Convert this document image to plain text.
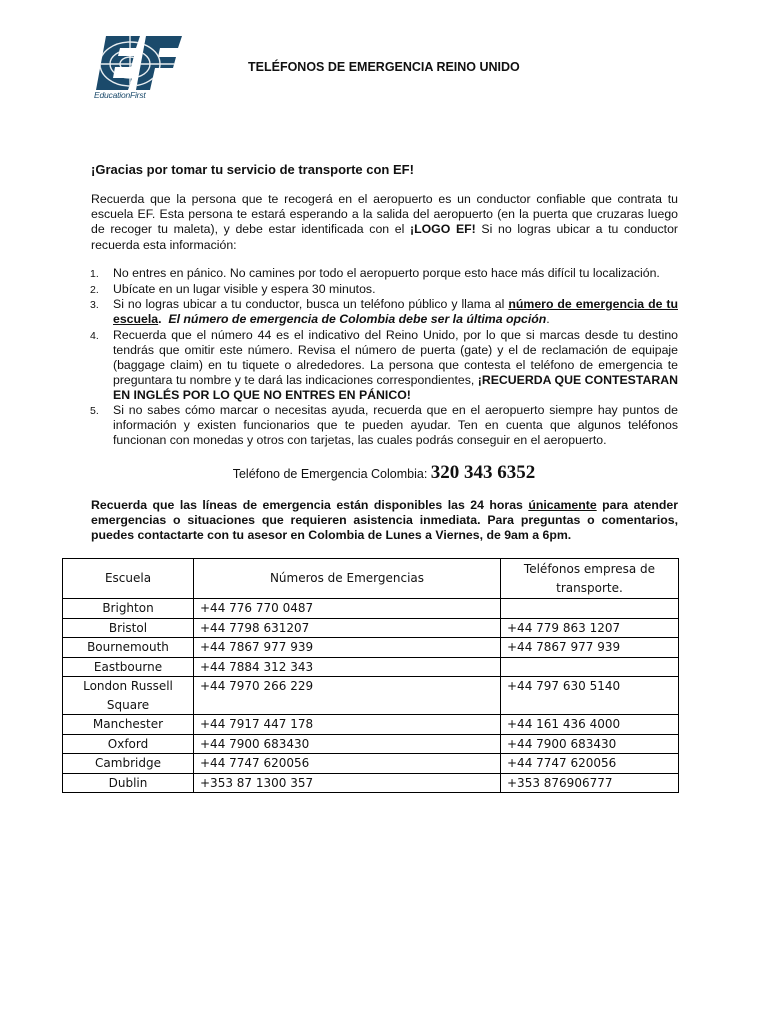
EducationFirst
TELÉFONOS DE EMERGENCIA REINO UNIDO
¡Gracias por tomar tu servicio de transporte con EF!
Recuerda que la persona que te recogerá en el aeropuerto es un conductor confiable que contrata tu escuela EF. Esta persona te estará esperando a la salida del aeropuerto (en la puerta que cruzaras luego de recoger tu maleta), y debe estar identificada con el ¡LOGO EF! Si no logras ubicar a tu conductor recuerda esta información:
1. No entres en pánico. No camines por todo el aeropuerto porque esto hace más difícil tu localización.
2. Ubícate en un lugar visible y espera 30 minutos.
3. Si no logras ubicar a tu conductor, busca un teléfono público y llama al número de emergencia de tu escuela. El número de emergencia de Colombia debe ser la última opción.
4. Recuerda que el número 44 es el indicativo del Reino Unido, por lo que si marcas desde tu destino tendrás que omitir este número. Revisa el número de puerta (gate) y el de reclamación de equipaje (baggage claim) en tu tiquete o alrededores. La persona que contesta el teléfono de emergencia te preguntara tu nombre y te dará las indicaciones correspondientes, ¡RECUERDA QUE CONTESTARAN EN INGLÉS POR LO QUE NO ENTRES EN PÁNICO!
5. Si no sabes cómo marcar o necesitas ayuda, recuerda que en el aeropuerto siempre hay puntos de información y existen funcionarios que te pueden ayudar. Ten en cuenta que algunos teléfonos funcionan con monedas y otros con tarjetas, las cuales podrás conseguir en el aeropuerto.
Teléfono de Emergencia Colombia: 320 343 6352
Recuerda que las líneas de emergencia están disponibles las 24 horas únicamente para atender emergencias o situaciones que requieren asistencia inmediata. Para preguntas o comentarios, puedes contactarte con tu asesor en Colombia de Lunes a Viernes, de 9am a 6pm.
Escuela	Números de Emergencias	Teléfonos empresa de transporte.
Brighton	+44 776 770 0487	
Bristol	+44 7798 631207	+44 779 863 1207
Bournemouth	+44 7867 977 939	+44 7867 977 939
Eastbourne	+44 7884 312 343	
London Russell Square	+44 7970 266 229	+44 797 630 5140
Manchester	+44 7917 447 178	+44 161 436 4000
Oxford	+44 7900 683430	+44 7900 683430
Cambridge	+44 7747 620056	+44 7747 620056
Dublin	+353 87 1300 357	+353 876906777
